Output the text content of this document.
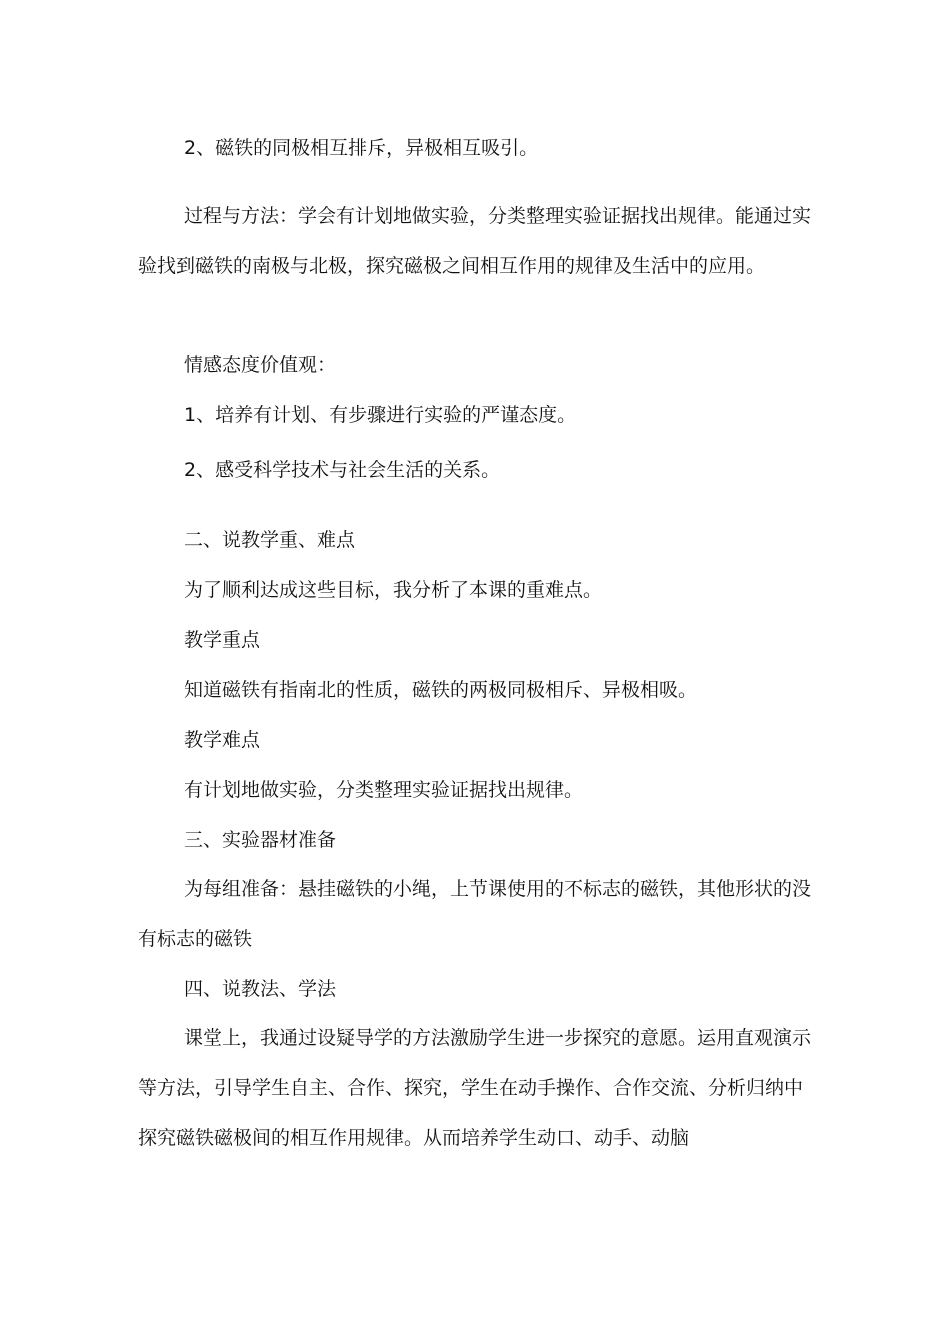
2、磁铁的同极相互排斥，异极相互吸引。

过程与方法：学会有计划地做实验，分类整理实验证据找出规律。能通过实验找到磁铁的南极与北极，探究磁极之间相互作用的规律及生活中的应用。

情感态度价值观：

1、培养有计划、有步骤进行实验的严谨态度。

2、感受科学技术与社会生活的关系。

二、说教学重、难点

为了顺利达成这些目标，我分析了本课的重难点。

教学重点

知道磁铁有指南北的性质，磁铁的两极同极相斥、异极相吸。

教学难点

有计划地做实验，分类整理实验证据找出规律。

三、实验器材准备

为每组准备：悬挂磁铁的小绳，上节课使用的不标志的磁铁，其他形状的没有标志的磁铁

四、说教法、学法

课堂上，我通过设疑导学的方法激励学生进一步探究的意愿。运用直观演示等方法，引导学生自主、合作、探究，学生在动手操作、合作交流、分析归纳中探究磁铁磁极间的相互作用规律。从而培养学生动口、动手、动脑
